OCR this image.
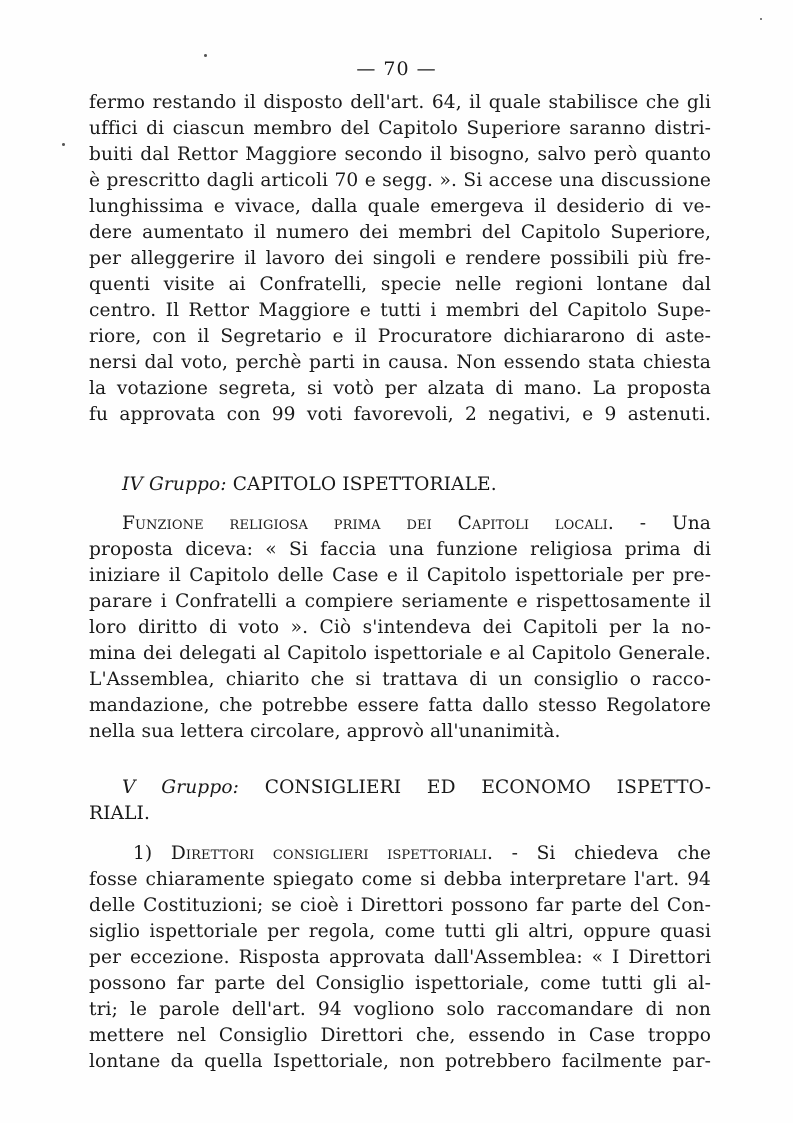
— 70 —
fermo restando il disposto dell'art. 64, il quale stabilisce che gli
uffici di ciascun membro del Capitolo Superiore saranno distri-
buiti dal Rettor Maggiore secondo il bisogno, salvo però quanto
è prescritto dagli articoli 70 e segg. ». Si accese una discussione
lunghissima e vivace, dalla quale emergeva il desiderio di ve-
dere aumentato il numero dei membri del Capitolo Superiore,
per alleggerire il lavoro dei singoli e rendere possibili più fre-
quenti visite ai Confratelli, specie nelle regioni lontane dal
centro. Il Rettor Maggiore e tutti i membri del Capitolo Supe-
riore, con il Segretario e il Procuratore dichiararono di aste-
nersi dal voto, perchè parti in causa. Non essendo stata chiesta
la votazione segreta, si votò per alzata di mano. La proposta
fu approvata con 99 voti favorevoli, 2 negativi, e 9 astenuti.
IV Gruppo: CAPITOLO ISPETTORIALE.
Funzione religiosa prima dei Capitoli locali. - Una
proposta diceva: « Si faccia una funzione religiosa prima di
iniziare il Capitolo delle Case e il Capitolo ispettoriale per pre-
parare i Confratelli a compiere seriamente e rispettosamente il
loro diritto di voto ». Ciò s'intendeva dei Capitoli per la no-
mina dei delegati al Capitolo ispettoriale e al Capitolo Generale.
L'Assemblea, chiarito che si trattava di un consiglio o racco-
mandazione, che potrebbe essere fatta dallo stesso Regolatore
nella sua lettera circolare, approvò all'unanimità.
V Gruppo: CONSIGLIERI ED ECONOMO ISPETTO-
RIALI.
1) Direttori consiglieri ispettoriali. - Si chiedeva che
fosse chiaramente spiegato come si debba interpretare l'art. 94
delle Costituzioni; se cioè i Direttori possono far parte del Con-
siglio ispettoriale per regola, come tutti gli altri, oppure quasi
per eccezione. Risposta approvata dall'Assemblea: « I Direttori
possono far parte del Consiglio ispettoriale, come tutti gli al-
tri; le parole dell'art. 94 vogliono solo raccomandare di non
mettere nel Consiglio Direttori che, essendo in Case troppo
lontane da quella Ispettoriale, non potrebbero facilmente par-
